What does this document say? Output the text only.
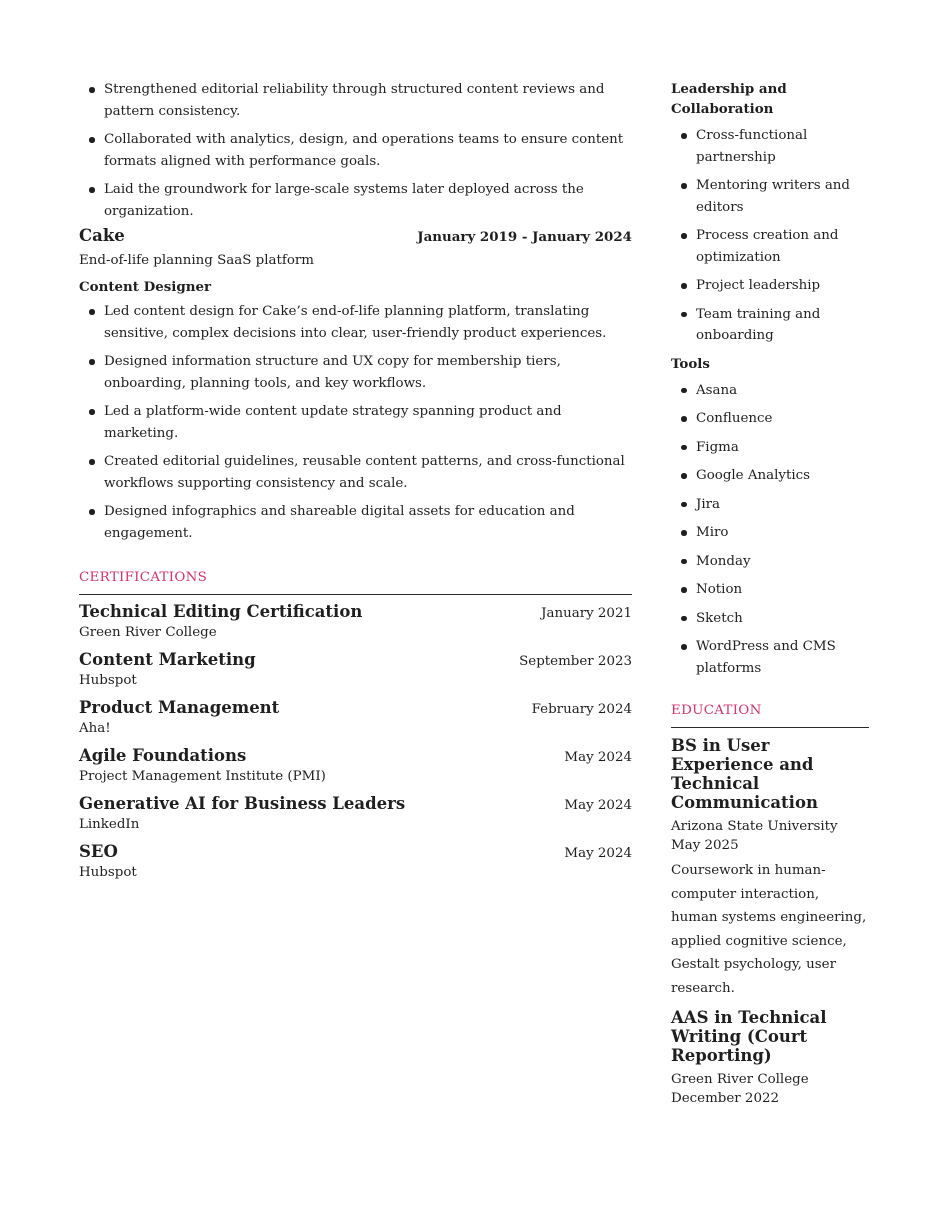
Strengthened editorial reliability through structured content reviews and pattern consistency.
Collaborated with analytics, design, and operations teams to ensure content formats aligned with performance goals.
Laid the groundwork for large-scale systems later deployed across the organization.
Cake	January 2019 - January 2024
End-of-life planning SaaS platform
Content Designer
Led content design for Cake’s end-of-life planning platform, translating sensitive, complex decisions into clear, user-friendly product experiences.
Designed information structure and UX copy for membership tiers, onboarding, planning tools, and key workflows.
Led a platform-wide content update strategy spanning product and marketing.
Created editorial guidelines, reusable content patterns, and cross-functional workflows supporting consistency and scale.
Designed infographics and shareable digital assets for education and engagement.
CERTIFICATIONS
Technical Editing Certification	January 2021
Green River College
Content Marketing	September 2023
Hubspot
Product Management	February 2024
Aha!
Agile Foundations	May 2024
Project Management Institute (PMI)
Generative AI for Business Leaders	May 2024
LinkedIn
SEO	May 2024
Hubspot
Leadership and Collaboration
Cross-functional partnership
Mentoring writers and editors
Process creation and optimization
Project leadership
Team training and onboarding
Tools
Asana
Confluence
Figma
Google Analytics
Jira
Miro
Monday
Notion
Sketch
WordPress and CMS platforms
EDUCATION
BS in User Experience and Technical Communication
Arizona State University
May 2025
Coursework in human-computer interaction, human systems engineering, applied cognitive science, Gestalt psychology, user research.
AAS in Technical Writing (Court Reporting)
Green River College
December 2022
